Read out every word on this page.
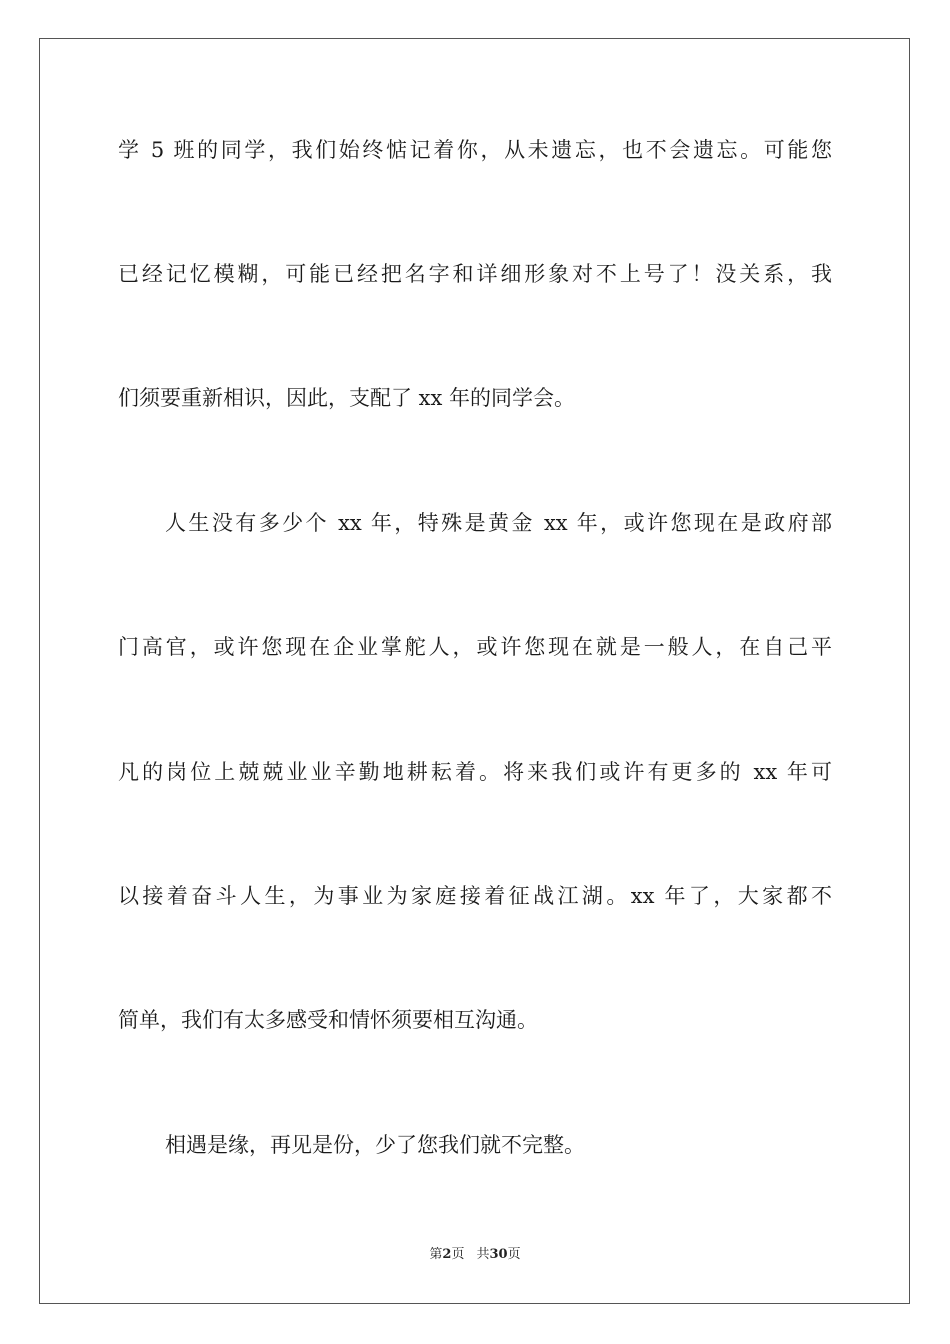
学 5 班的同学，我们始终惦记着你，从未遗忘，也不会遗忘。可能您
已经记忆模糊，可能已经把名字和详细形象对不上号了！没关系，我
们须要重新相识，因此，支配了 xx 年的同学会。
人生没有多少个 xx 年，特殊是黄金 xx 年，或许您现在是政府部
门高官，或许您现在企业掌舵人，或许您现在就是一般人，在自己平
凡的岗位上兢兢业业辛勤地耕耘着。将来我们或许有更多的 xx 年可
以接着奋斗人生，为事业为家庭接着征战江湖。xx 年了，大家都不
简单，我们有太多感受和情怀须要相互沟通。
相遇是缘，再见是份，少了您我们就不完整。
第2页 共30页
